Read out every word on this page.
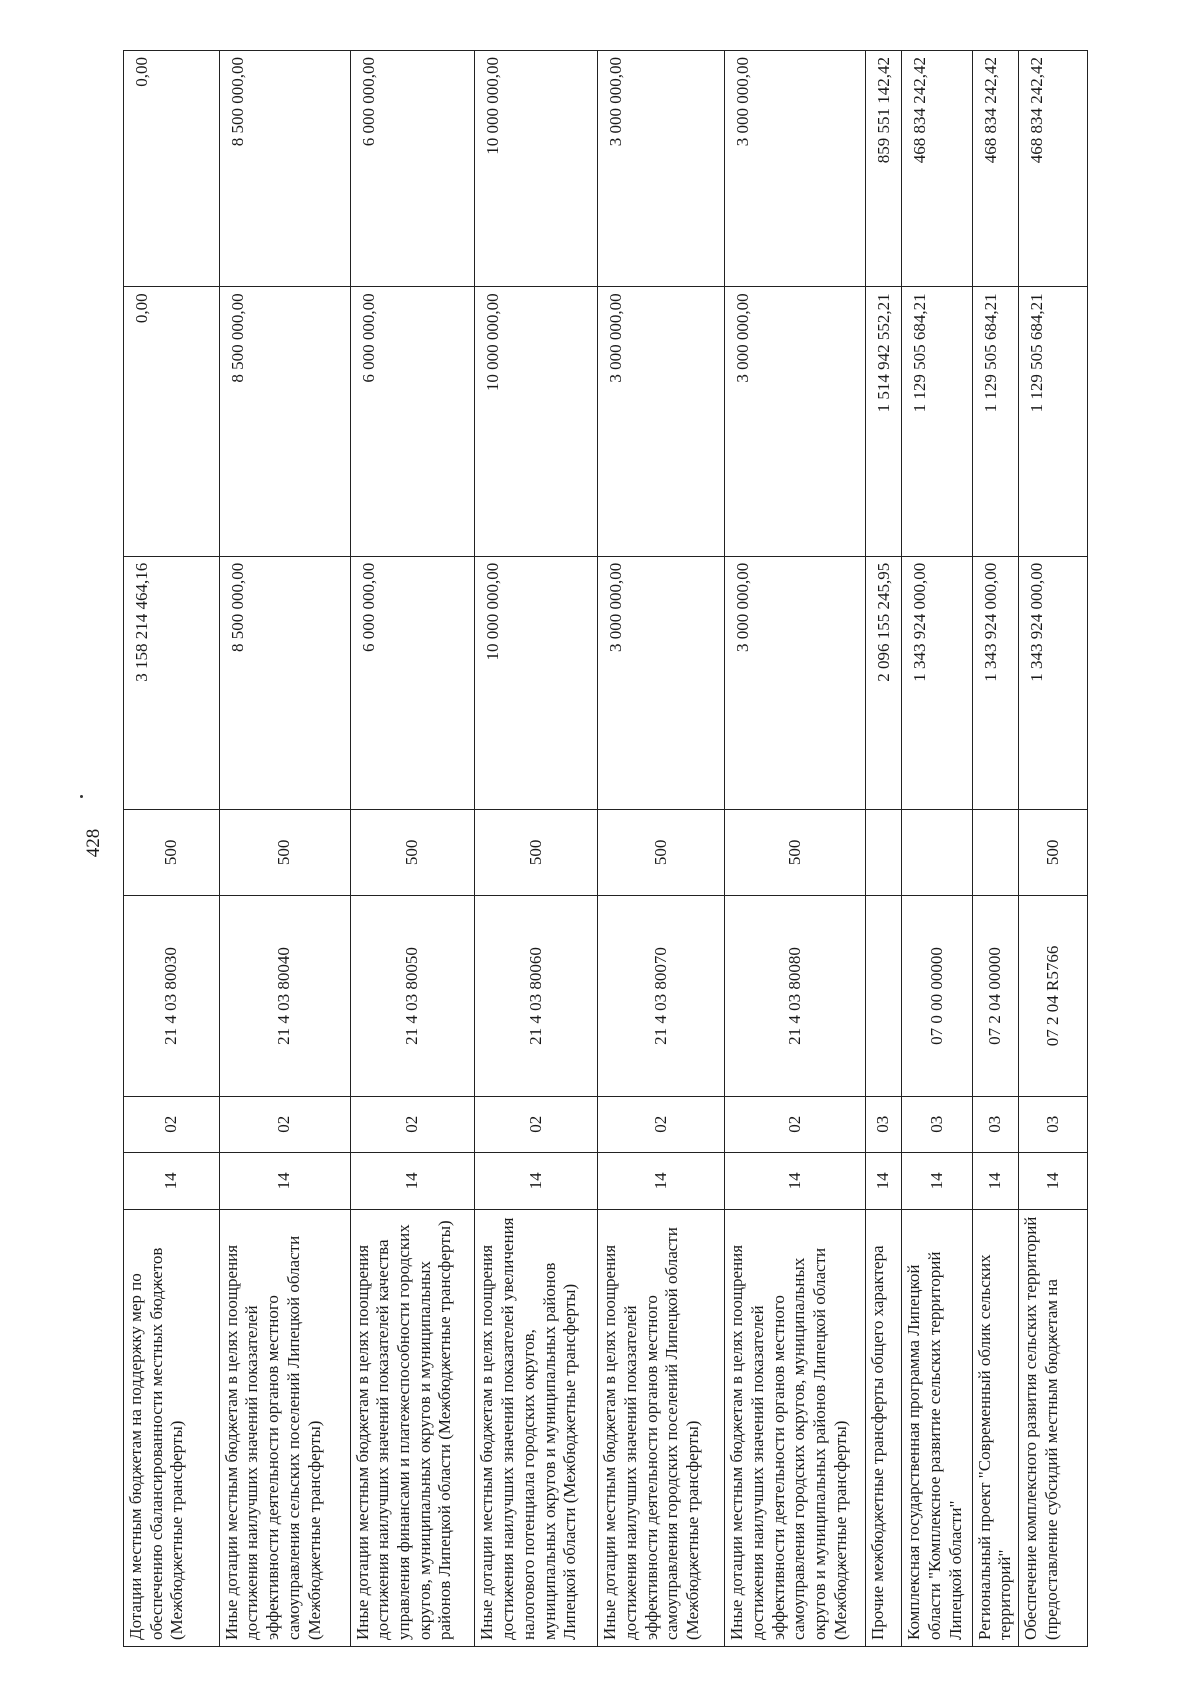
428
Дотации местным бюджетам на поддержку мер по обеспечению сбалансированности местных бюджетов (Межбюджетные трансферты)	14	02	21 4 03 80030	500	3 158 214 464,16	0,00	0,00
Иные дотации местным бюджетам в целях поощрения достижения наилучших значений показателей эффективности деятельности органов местного самоуправления сельских поселений Липецкой области (Межбюджетные трансферты)	14	02	21 4 03 80040	500	8 500 000,00	8 500 000,00	8 500 000,00
Иные дотации местным бюджетам в целях поощрения достижения наилучших значений показателей качества управления финансами и платежеспособности городских округов, муниципальных округов и муниципальных районов Липецкой области (Межбюджетные трансферты)	14	02	21 4 03 80050	500	6 000 000,00	6 000 000,00	6 000 000,00
Иные дотации местным бюджетам в целях поощрения достижения наилучших значений показателей увеличения налогового потенциала городских округов, муниципальных округов и муниципальных районов Липецкой области (Межбюджетные трансферты)	14	02	21 4 03 80060	500	10 000 000,00	10 000 000,00	10 000 000,00
Иные дотации местным бюджетам в целях поощрения достижения наилучших значений показателей эффективности деятельности органов местного самоуправления городских поселений Липецкой области (Межбюджетные трансферты)	14	02	21 4 03 80070	500	3 000 000,00	3 000 000,00	3 000 000,00
Иные дотации местным бюджетам в целях поощрения достижения наилучших значений показателей эффективности деятельности органов местного самоуправления городских округов, муниципальных округов и муниципальных районов Липецкой области (Межбюджетные трансферты)	14	02	21 4 03 80080	500	3 000 000,00	3 000 000,00	3 000 000,00
Прочие межбюджетные трансферты общего характера	14	03			2 096 155 245,95	1 514 942 552,21	859 551 142,42
Комплексная государственная программа Липецкой области "Комплексное развитие сельских территорий Липецкой области"	14	03	07 0 00 00000		1 343 924 000,00	1 129 505 684,21	468 834 242,42
Региональный проект "Современный облик сельских территорий"	14	03	07 2 04 00000		1 343 924 000,00	1 129 505 684,21	468 834 242,42
Обеспечение комплексного развития сельских территорий (предоставление субсидий местным бюджетам на	14	03	07 2 04 R5766	500	1 343 924 000,00	1 129 505 684,21	468 834 242,42
